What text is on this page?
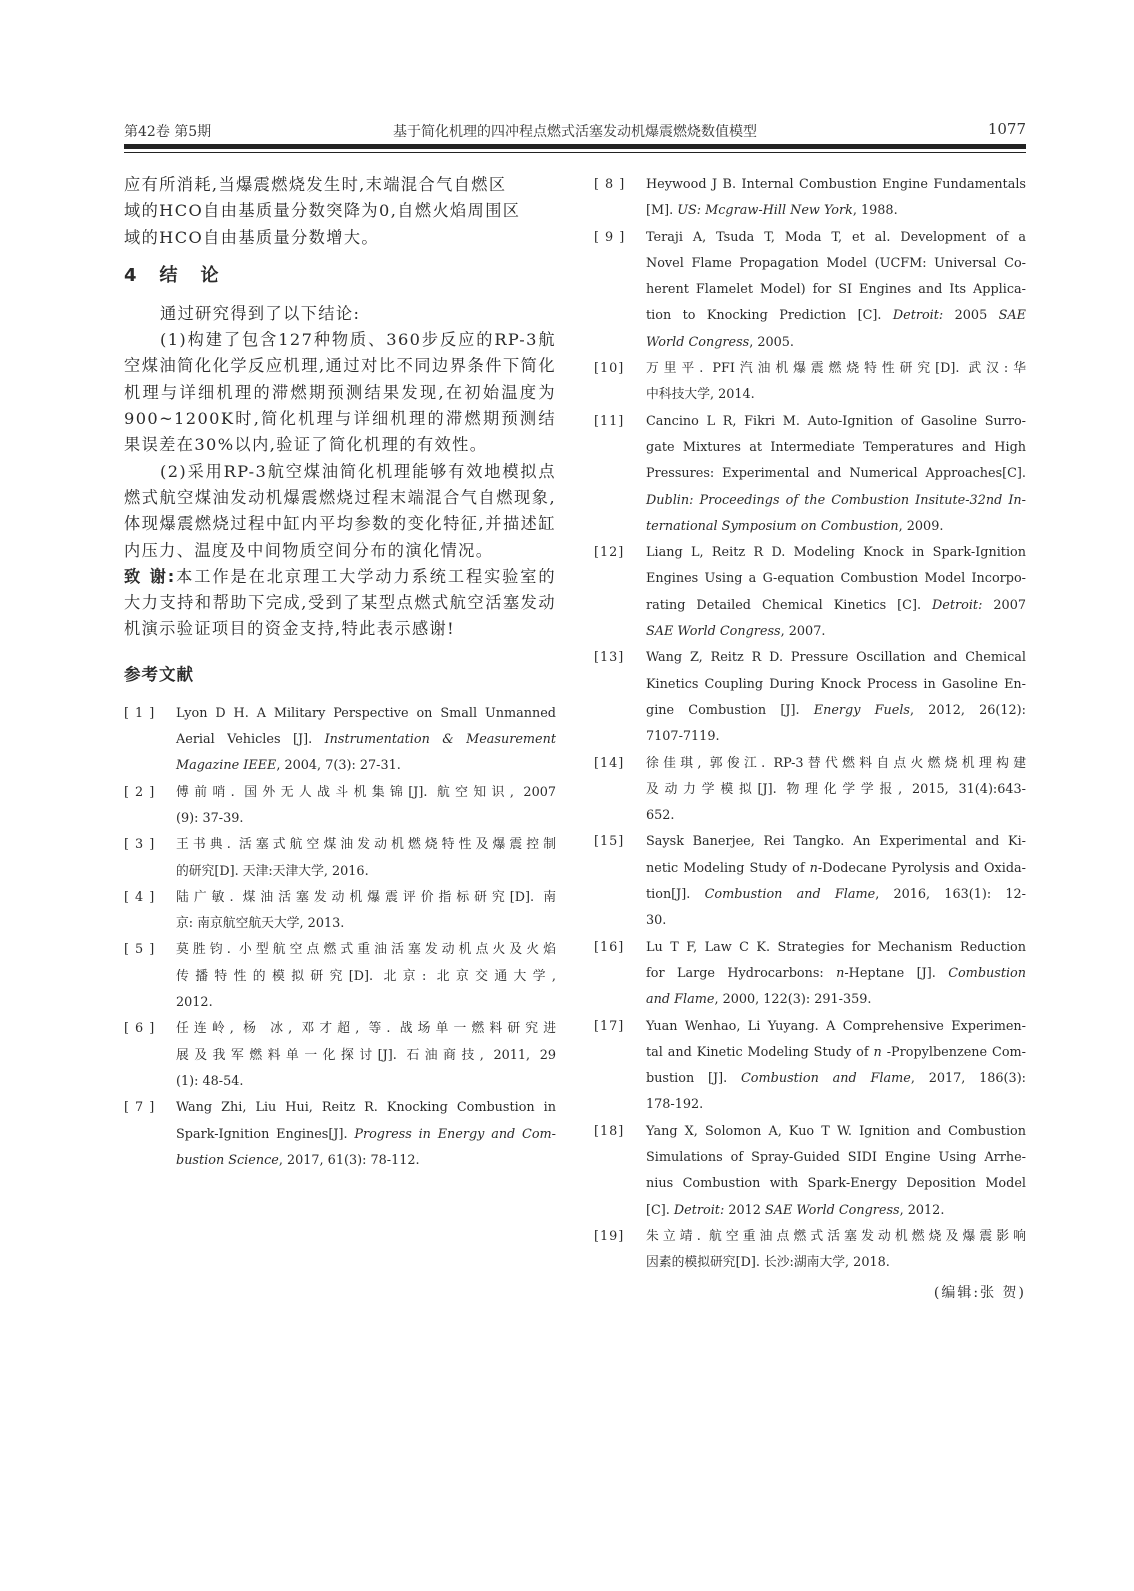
第42卷 第5期	基于简化机理的四冲程点燃式活塞发动机爆震燃烧数值模型	1077
应有所消耗,当爆震燃烧发生时,末端混合气自燃区
域的HCO自由基质量分数突降为0,自燃火焰周围区
域的HCO自由基质量分数增大。
4 结 论

通过研究得到了以下结论:

(1)构建了包含127种物质、360步反应的RP-3航空煤油简化化学反应机理,通过对比不同边界条件下简化机理与详细机理的滞燃期预测结果发现,在初始温度为900~1200K时,简化机理与详细机理的滞燃期预测结果误差在30%以内,验证了简化机理的有效性。

(2)采用RP-3航空煤油简化机理能够有效地模拟点燃式航空煤油发动机爆震燃烧过程末端混合气自燃现象,体现爆震燃烧过程中缸内平均参数的变化特征,并描述缸内压力、温度及中间物质空间分布的演化情况。

致 谢:本工作是在北京理工大学动力系统工程实验室的大力支持和帮助下完成,受到了某型点燃式航空活塞发动机演示验证项目的资金支持,特此表示感谢!

参考文献
[ 1 ] Lyon D H. A Military Perspective on Small Unmanned
Aerial Vehicles [J]. Instrumentation & Measurement
Magazine IEEE, 2004, 7(3): 27-31.
[ 2 ] 傅前哨. 国外无人战斗机集锦[J]. 航空知识, 2007
(9): 37-39.
[ 3 ] 王书典. 活塞式航空煤油发动机燃烧特性及爆震控制
的研究[D]. 天津:天津大学, 2016.
[ 4 ] 陆广敏. 煤油活塞发动机爆震评价指标研究[D]. 南
京: 南京航空航天大学, 2013.
[ 5 ] 莫胜钧. 小型航空点燃式重油活塞发动机点火及火焰
传播特性的模拟研究[D]. 北京: 北京交通大学,
2012.
[ 6 ] 任连岭, 杨 冰, 邓才超, 等. 战场单一燃料研究进
展及我军燃料单一化探讨[J]. 石油商技, 2011, 29
(1): 48-54.
[ 7 ] Wang Zhi, Liu Hui, Reitz R. Knocking Combustion in
Spark-Ignition Engines[J]. Progress in Energy and Com-
bustion Science, 2017, 61(3): 78-112.
[ 8 ] Heywood J B. Internal Combustion Engine Fundamentals
[M]. US: Mcgraw-Hill New York, 1988.
[ 9 ] Teraji A, Tsuda T, Moda T, et al. Development of a
Novel Flame Propagation Model (UCFM: Universal Co-
herent Flamelet Model) for SI Engines and Its Applica-
tion to Knocking Prediction [C]. Detroit: 2005 SAE
World Congress, 2005.
[10] 万里平. PFI汽油机爆震燃烧特性研究[D]. 武汉:华
中科技大学, 2014.
[11] Cancino L R, Fikri M. Auto-Ignition of Gasoline Surro-
gate Mixtures at Intermediate Temperatures and High
Pressures: Experimental and Numerical Approaches[C].
Dublin: Proceedings of the Combustion Insitute-32nd In-
ternational Symposium on Combustion, 2009.
[12] Liang L, Reitz R D. Modeling Knock in Spark-Ignition
Engines Using a G-equation Combustion Model Incorpo-
rating Detailed Chemical Kinetics [C]. Detroit: 2007
SAE World Congress, 2007.
[13] Wang Z, Reitz R D. Pressure Oscillation and Chemical
Kinetics Coupling During Knock Process in Gasoline En-
gine Combustion [J]. Energy Fuels, 2012, 26(12):
7107-7119.
[14] 徐佳琪, 郭俊江. RP-3替代燃料自点火燃烧机理构建
及动力学模拟[J]. 物理化学学报, 2015, 31(4):643-
652.
[15] Saysk Banerjee, Rei Tangko. An Experimental and Ki-
netic Modeling Study of n-Dodecane Pyrolysis and Oxida-
tion[J]. Combustion and Flame, 2016, 163(1): 12-
30.
[16] Lu T F, Law C K. Strategies for Mechanism Reduction
for Large Hydrocarbons: n-Heptane [J]. Combustion
and Flame, 2000, 122(3): 291-359.
[17] Yuan Wenhao, Li Yuyang. A Comprehensive Experimen-
tal and Kinetic Modeling Study of n -Propylbenzene Com-
bustion [J]. Combustion and Flame, 2017, 186(3):
178-192.
[18] Yang X, Solomon A, Kuo T W. Ignition and Combustion
Simulations of Spray-Guided SIDI Engine Using Arrhe-
nius Combustion with Spark-Energy Deposition Model
[C]. Detroit: 2012 SAE World Congress, 2012.
[19] 朱立靖. 航空重油点燃式活塞发动机燃烧及爆震影响
因素的模拟研究[D]. 长沙:湖南大学, 2018.
(编辑:张 贺)
